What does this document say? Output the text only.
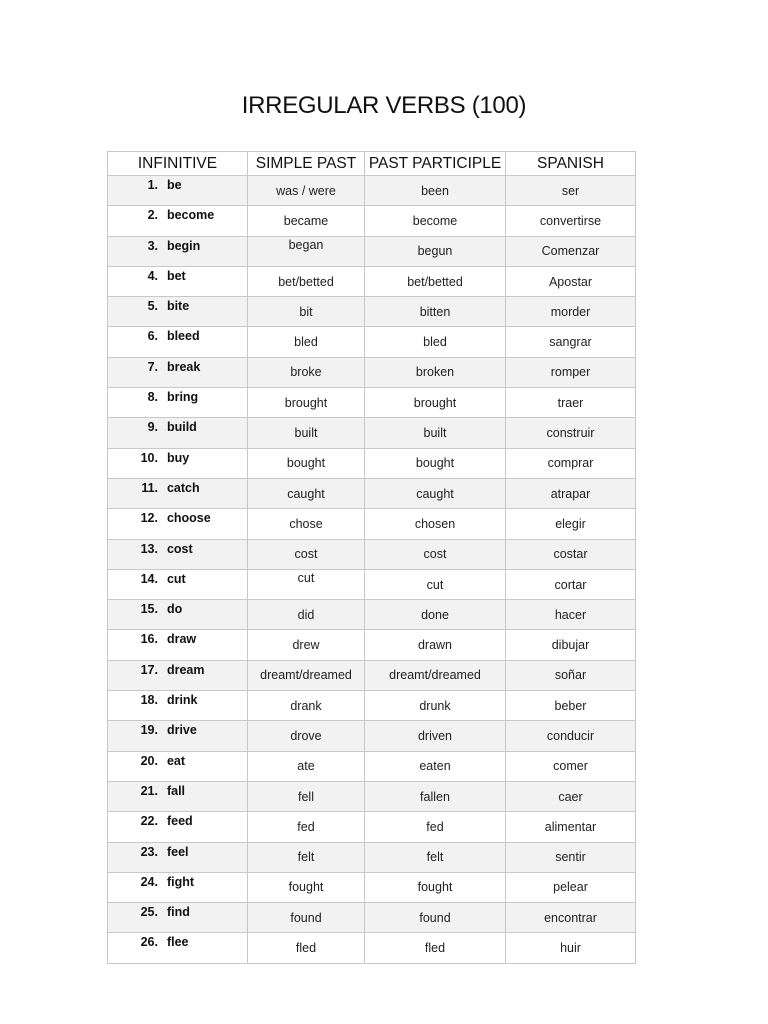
IRREGULAR VERBS (100)
INFINITIVE	SIMPLE PAST	PAST PARTICIPLE	SPANISH
1. be	was / were	been	ser
2. become	became	become	convertirse
3. begin	began	begun	Comenzar
4. bet	bet/betted	bet/betted	Apostar
5. bite	bit	bitten	morder
6. bleed	bled	bled	sangrar
7. break	broke	broken	romper
8. bring	brought	brought	traer
9. build	built	built	construir
10. buy	bought	bought	comprar
11. catch	caught	caught	atrapar
12. choose	chose	chosen	elegir
13. cost	cost	cost	costar
14. cut	cut	cut	cortar
15. do	did	done	hacer
16. draw	drew	drawn	dibujar
17. dream	dreamt/dreamed	dreamt/dreamed	soñar
18. drink	drank	drunk	beber
19. drive	drove	driven	conducir
20. eat	ate	eaten	comer
21. fall	fell	fallen	caer
22. feed	fed	fed	alimentar
23. feel	felt	felt	sentir
24. fight	fought	fought	pelear
25. find	found	found	encontrar
26. flee	fled	fled	huir
